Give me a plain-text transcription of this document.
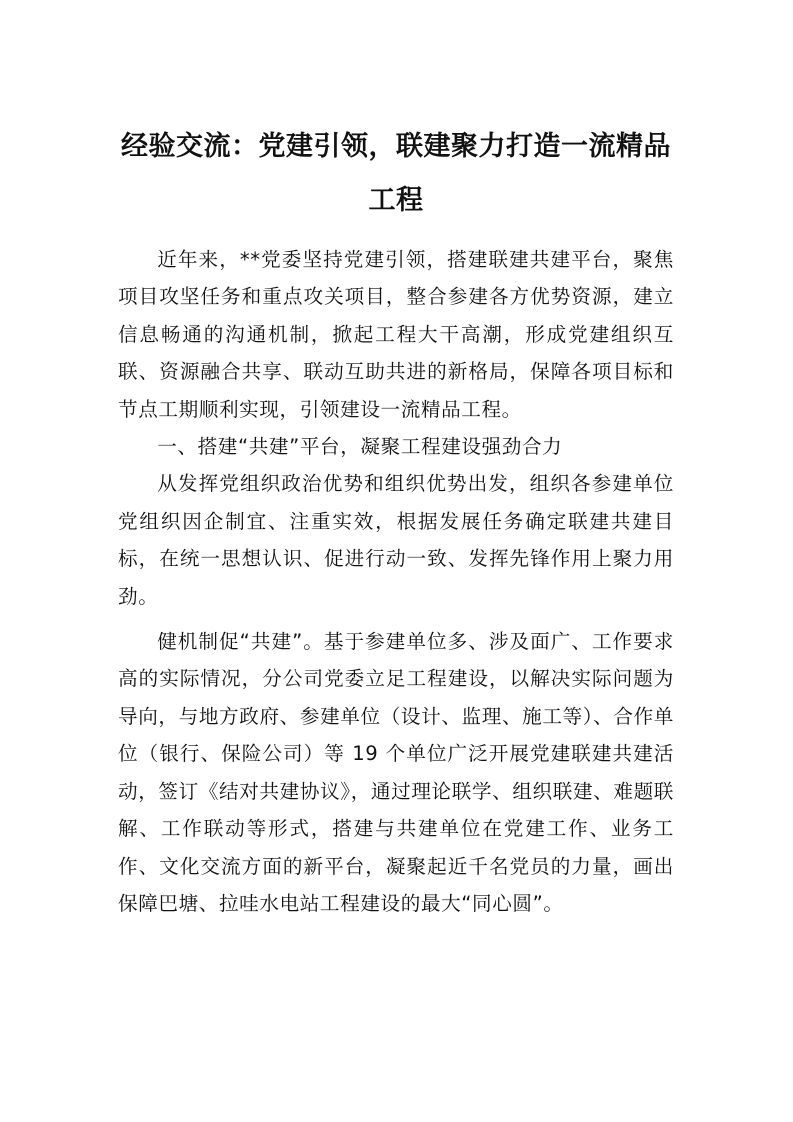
经验交流：党建引领，联建聚力打造一流精品工程

近年来，**党委坚持党建引领，搭建联建共建平台，聚焦项目攻坚任务和重点攻关项目，整合参建各方优势资源，建立信息畅通的沟通机制，掀起工程大干高潮，形成党建组织互联、资源融合共享、联动互助共进的新格局，保障各项目标和节点工期顺利实现，引领建设一流精品工程。

一、搭建“共建”平台，凝聚工程建设强劲合力

从发挥党组织政治优势和组织优势出发，组织各参建单位党组织因企制宜、注重实效，根据发展任务确定联建共建目标，在统一思想认识、促进行动一致、发挥先锋作用上聚力用劲。

健机制促“共建”。基于参建单位多、涉及面广、工作要求高的实际情况，分公司党委立足工程建设，以解决实际问题为导向，与地方政府、参建单位（设计、监理、施工等）、合作单位（银行、保险公司）等 19 个单位广泛开展党建联建共建活动，签订《结对共建协议》，通过理论联学、组织联建、难题联解、工作联动等形式，搭建与共建单位在党建工作、业务工作、文化交流方面的新平台，凝聚起近千名党员的力量，画出保障巴塘、拉哇水电站工程建设的最大“同心圆”。
